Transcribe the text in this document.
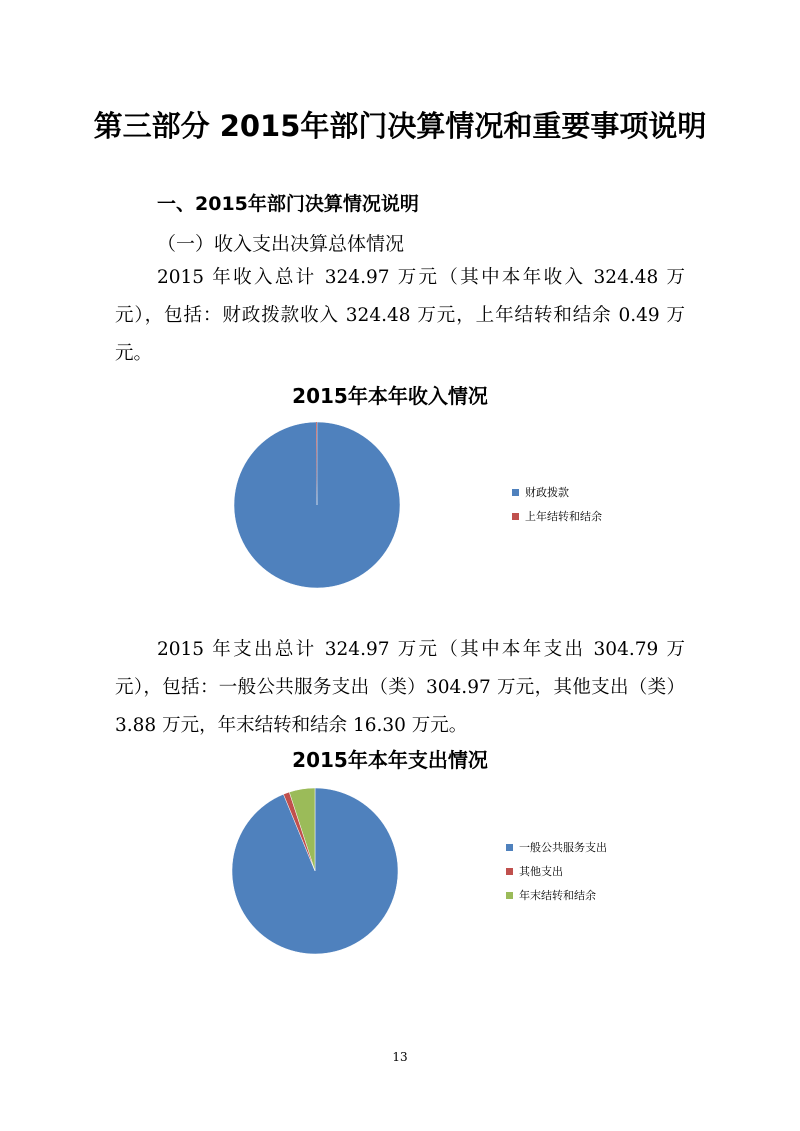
第三部分 2015年部门决算情况和重要事项说明
一、2015年部门决算情况说明
（一）收入支出决算总体情况
2015 年收入总计 324.97 万元（其中本年收入 324.48 万元），包括：财政拨款收入 324.48 万元，上年结转和结余 0.49 万元。
2015年本年收入情况
财政拨款
上年结转和结余
2015 年支出总计 324.97 万元（其中本年支出 304.79 万元），包括：一般公共服务支出（类）304.97 万元，其他支出（类）3.88 万元，年末结转和结余 16.30 万元。
2015年本年支出情况
一般公共服务支出
其他支出
年末结转和结余
13
